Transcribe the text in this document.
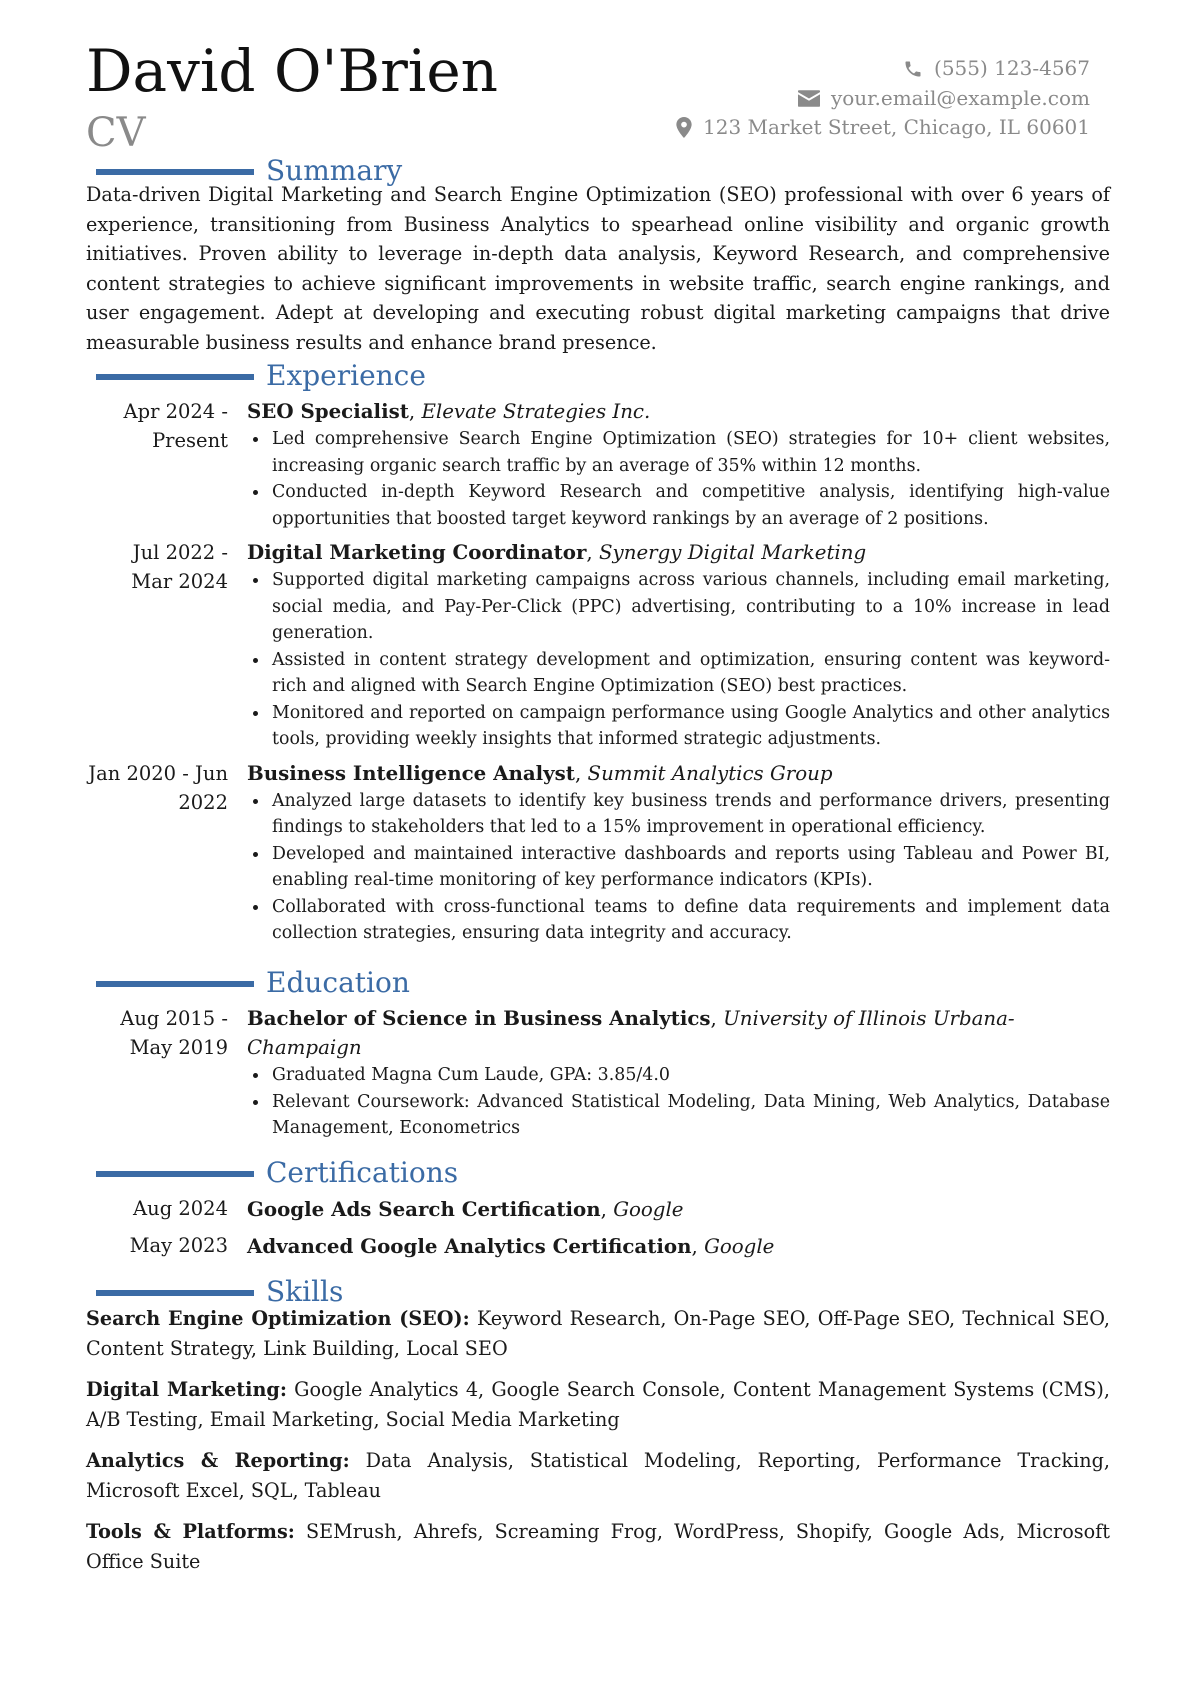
David O'Brien
CV
(555) 123-4567
your.email@example.com
123 Market Street, Chicago, IL 60601
Summary
Data-driven Digital Marketing and Search Engine Optimization (SEO) professional with over 6 years of experience, transitioning from Business Analytics to spearhead online visibility and organic growth initiatives. Proven ability to leverage in-depth data analysis, Keyword Research, and comprehensive content strategies to achieve significant improvements in website traffic, search engine rankings, and user engagement. Adept at developing and executing robust digital marketing campaigns that drive measurable business results and enhance brand presence.
Experience
Apr 2024 - Present
SEO Specialist, Elevate Strategies Inc.
Led comprehensive Search Engine Optimization (SEO) strategies for 10+ client websites, increasing organic search traffic by an average of 35% within 12 months.
Conducted in-depth Keyword Research and competitive analysis, identifying high-value opportunities that boosted target keyword rankings by an average of 2 positions.
Jul 2022 - Mar 2024
Digital Marketing Coordinator, Synergy Digital Marketing
Supported digital marketing campaigns across various channels, including email marketing, social media, and Pay-Per-Click (PPC) advertising, contributing to a 10% increase in lead generation.
Assisted in content strategy development and optimization, ensuring content was keyword-rich and aligned with Search Engine Optimization (SEO) best practices.
Monitored and reported on campaign performance using Google Analytics and other analytics tools, providing weekly insights that informed strategic adjustments.
Jan 2020 - Jun 2022
Business Intelligence Analyst, Summit Analytics Group
Analyzed large datasets to identify key business trends and performance drivers, presenting findings to stakeholders that led to a 15% improvement in operational efficiency.
Developed and maintained interactive dashboards and reports using Tableau and Power BI, enabling real-time monitoring of key performance indicators (KPIs).
Collaborated with cross-functional teams to define data requirements and implement data collection strategies, ensuring data integrity and accuracy.
Education
Aug 2015 - May 2019
Bachelor of Science in Business Analytics, University of Illinois Urbana-Champaign
Graduated Magna Cum Laude, GPA: 3.85/4.0
Relevant Coursework: Advanced Statistical Modeling, Data Mining, Web Analytics, Database Management, Econometrics
Certifications
Aug 2024 Google Ads Search Certification, Google
May 2023 Advanced Google Analytics Certification, Google
Skills
Search Engine Optimization (SEO): Keyword Research, On-Page SEO, Off-Page SEO, Technical SEO, Content Strategy, Link Building, Local SEO
Digital Marketing: Google Analytics 4, Google Search Console, Content Management Systems (CMS), A/B Testing, Email Marketing, Social Media Marketing
Analytics & Reporting: Data Analysis, Statistical Modeling, Reporting, Performance Tracking, Microsoft Excel, SQL, Tableau
Tools & Platforms: SEMrush, Ahrefs, Screaming Frog, WordPress, Shopify, Google Ads, Microsoft Office Suite
